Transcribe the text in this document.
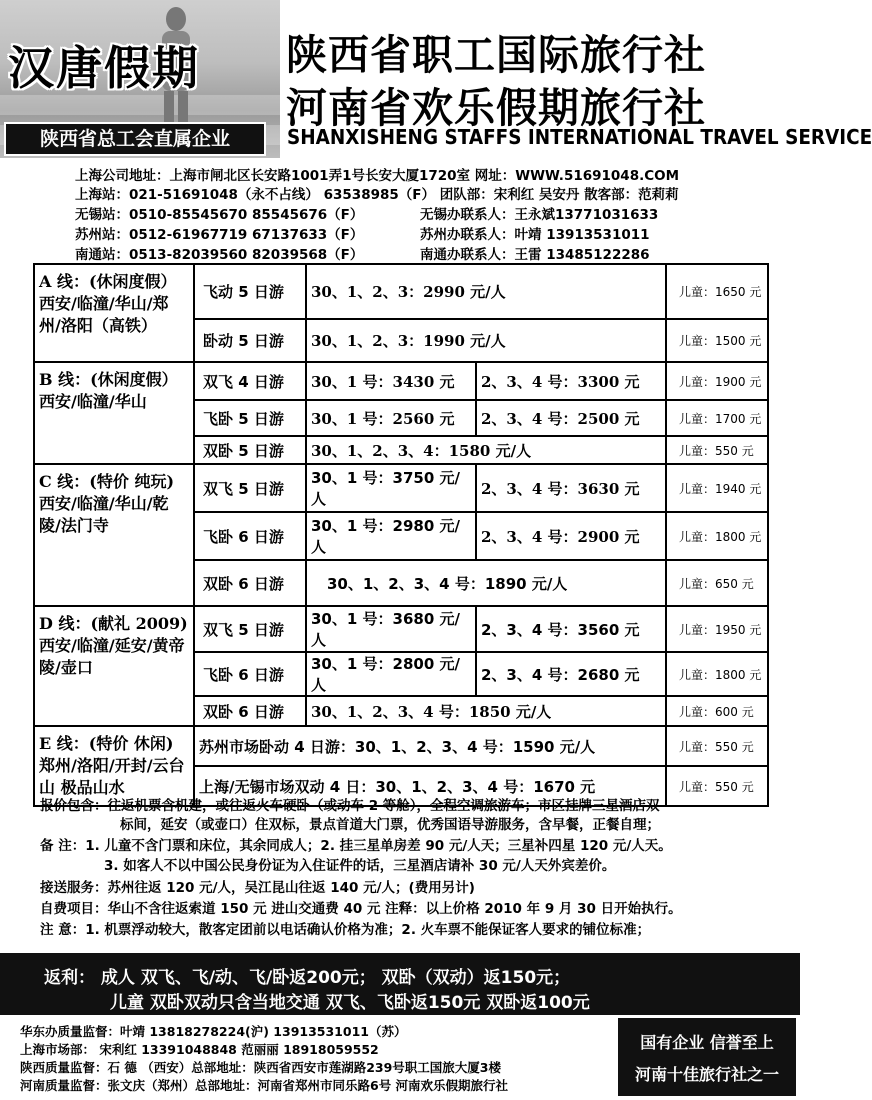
汉唐假期
陕西省总工会直属企业
陕西省职工国际旅行社
河南省欢乐假期旅行社
SHANXISHENG STAFFS INTERNATIONAL TRAVEL SERVICE
上海公司地址：上海市闸北区长安路1001弄1号长安大厦1720室 网址：WWW.51691048.COM
上海站：021-51691048（永不占线） 63538985（F） 团队部：宋利红 吴安丹 散客部：范莉莉
无锡站：0510-85545670 85545676（F）	无锡办联系人：王永斌13771031633
苏州站：0512-61967719 67137633（F）	苏州办联系人：叶靖 13913531011
南通站：0513-82039560 82039568（F）	南通办联系人：王雷 13485122286
A 线：(休闲度假）
西安/临潼/华山/郑州/洛阳（高铁）	飞动 5 日游	30、1、2、3：2990 元/人		儿童：1650 元
	卧动 5 日游	30、1、2、3：1990 元/人		儿童：1500 元

B 线：(休闲度假）
西安/临潼/华山	双飞 4 日游	30、1 号：3430 元	2、3、4 号：3300 元	儿童：1900 元
	飞卧 5 日游	30、1 号：2560 元	2、3、4 号：2500 元	儿童：1700 元
	双卧 5 日游	30、1、2、3、4：1580 元/人		儿童：550 元

C 线：(特价 纯玩)
西安/临潼/华山/乾陵/法门寺	双飞 5 日游	30、1 号：3750 元/人	2、3、4 号：3630 元	儿童：1940 元
	飞卧 6 日游	30、1 号：2980 元/人	2、3、4 号：2900 元	儿童：1800 元
	双卧 6 日游	30、1、2、3、4 号：1890 元/人		儿童：650 元

D 线：(献礼 2009)
西安/临潼/延安/黄帝陵/壶口	双飞 5 日游	30、1 号：3680 元/人	2、3、4 号：3560 元	儿童：1950 元
	飞卧 6 日游	30、1 号：2800 元/人	2、3、4 号：2680 元	儿童：1800 元
	双卧 6 日游	30、1、2、3、4 号：1850 元/人		儿童：600 元

E 线：(特价 休闲)
郑州/洛阳/开封/云台山 极品山水	苏州市场卧动 4 日游：30、1、2、3、4 号：1590 元/人			儿童：550 元
	上海/无锡市场双动 4 日：30、1、2、3、4 号：1670 元			儿童：550 元
报价包含：往返机票含机建，或往返火车硬卧（或动车 2 等舱），全程空调旅游车；市区挂牌三星酒店双
标间，延安（或壶口）住双标，景点首道大门票，优秀国语导游服务，含早餐，正餐自理；
备 注：1. 儿童不含门票和床位，其余同成人；2. 挂三星单房差 90 元/人天；三星补四星 120 元/人天。
3. 如客人不以中国公民身份证为入住证件的话，三星酒店请补 30 元/人天外宾差价。
接送服务：苏州往返 120 元/人，吴江昆山往返 140 元/人；(费用另计)
自费项目：华山不含往返索道 150 元 进山交通费 40 元 注释：以上价格 2010 年 9 月 30 日开始执行。
注 意：1. 机票浮动较大，散客定团前以电话确认价格为准；2. 火车票不能保证客人要求的铺位标准；
返利： 成人 双飞、飞/动、飞/卧返200元； 双卧（双动）返150元；
儿童 双卧双动只含当地交通 双飞、飞卧返150元 双卧返100元
华东办质量监督：叶靖 13818278224(沪) 13913531011（苏）
上海市场部： 宋利红 13391048848 范丽丽 18918059552
陕西质量监督：石 德 （西安）总部地址：陕西省西安市莲湖路239号职工国旅大厦3楼
河南质量监督：张文庆（郑州）总部地址：河南省郑州市同乐路6号 河南欢乐假期旅行社
国有企业 信誉至上
河南十佳旅行社之一
